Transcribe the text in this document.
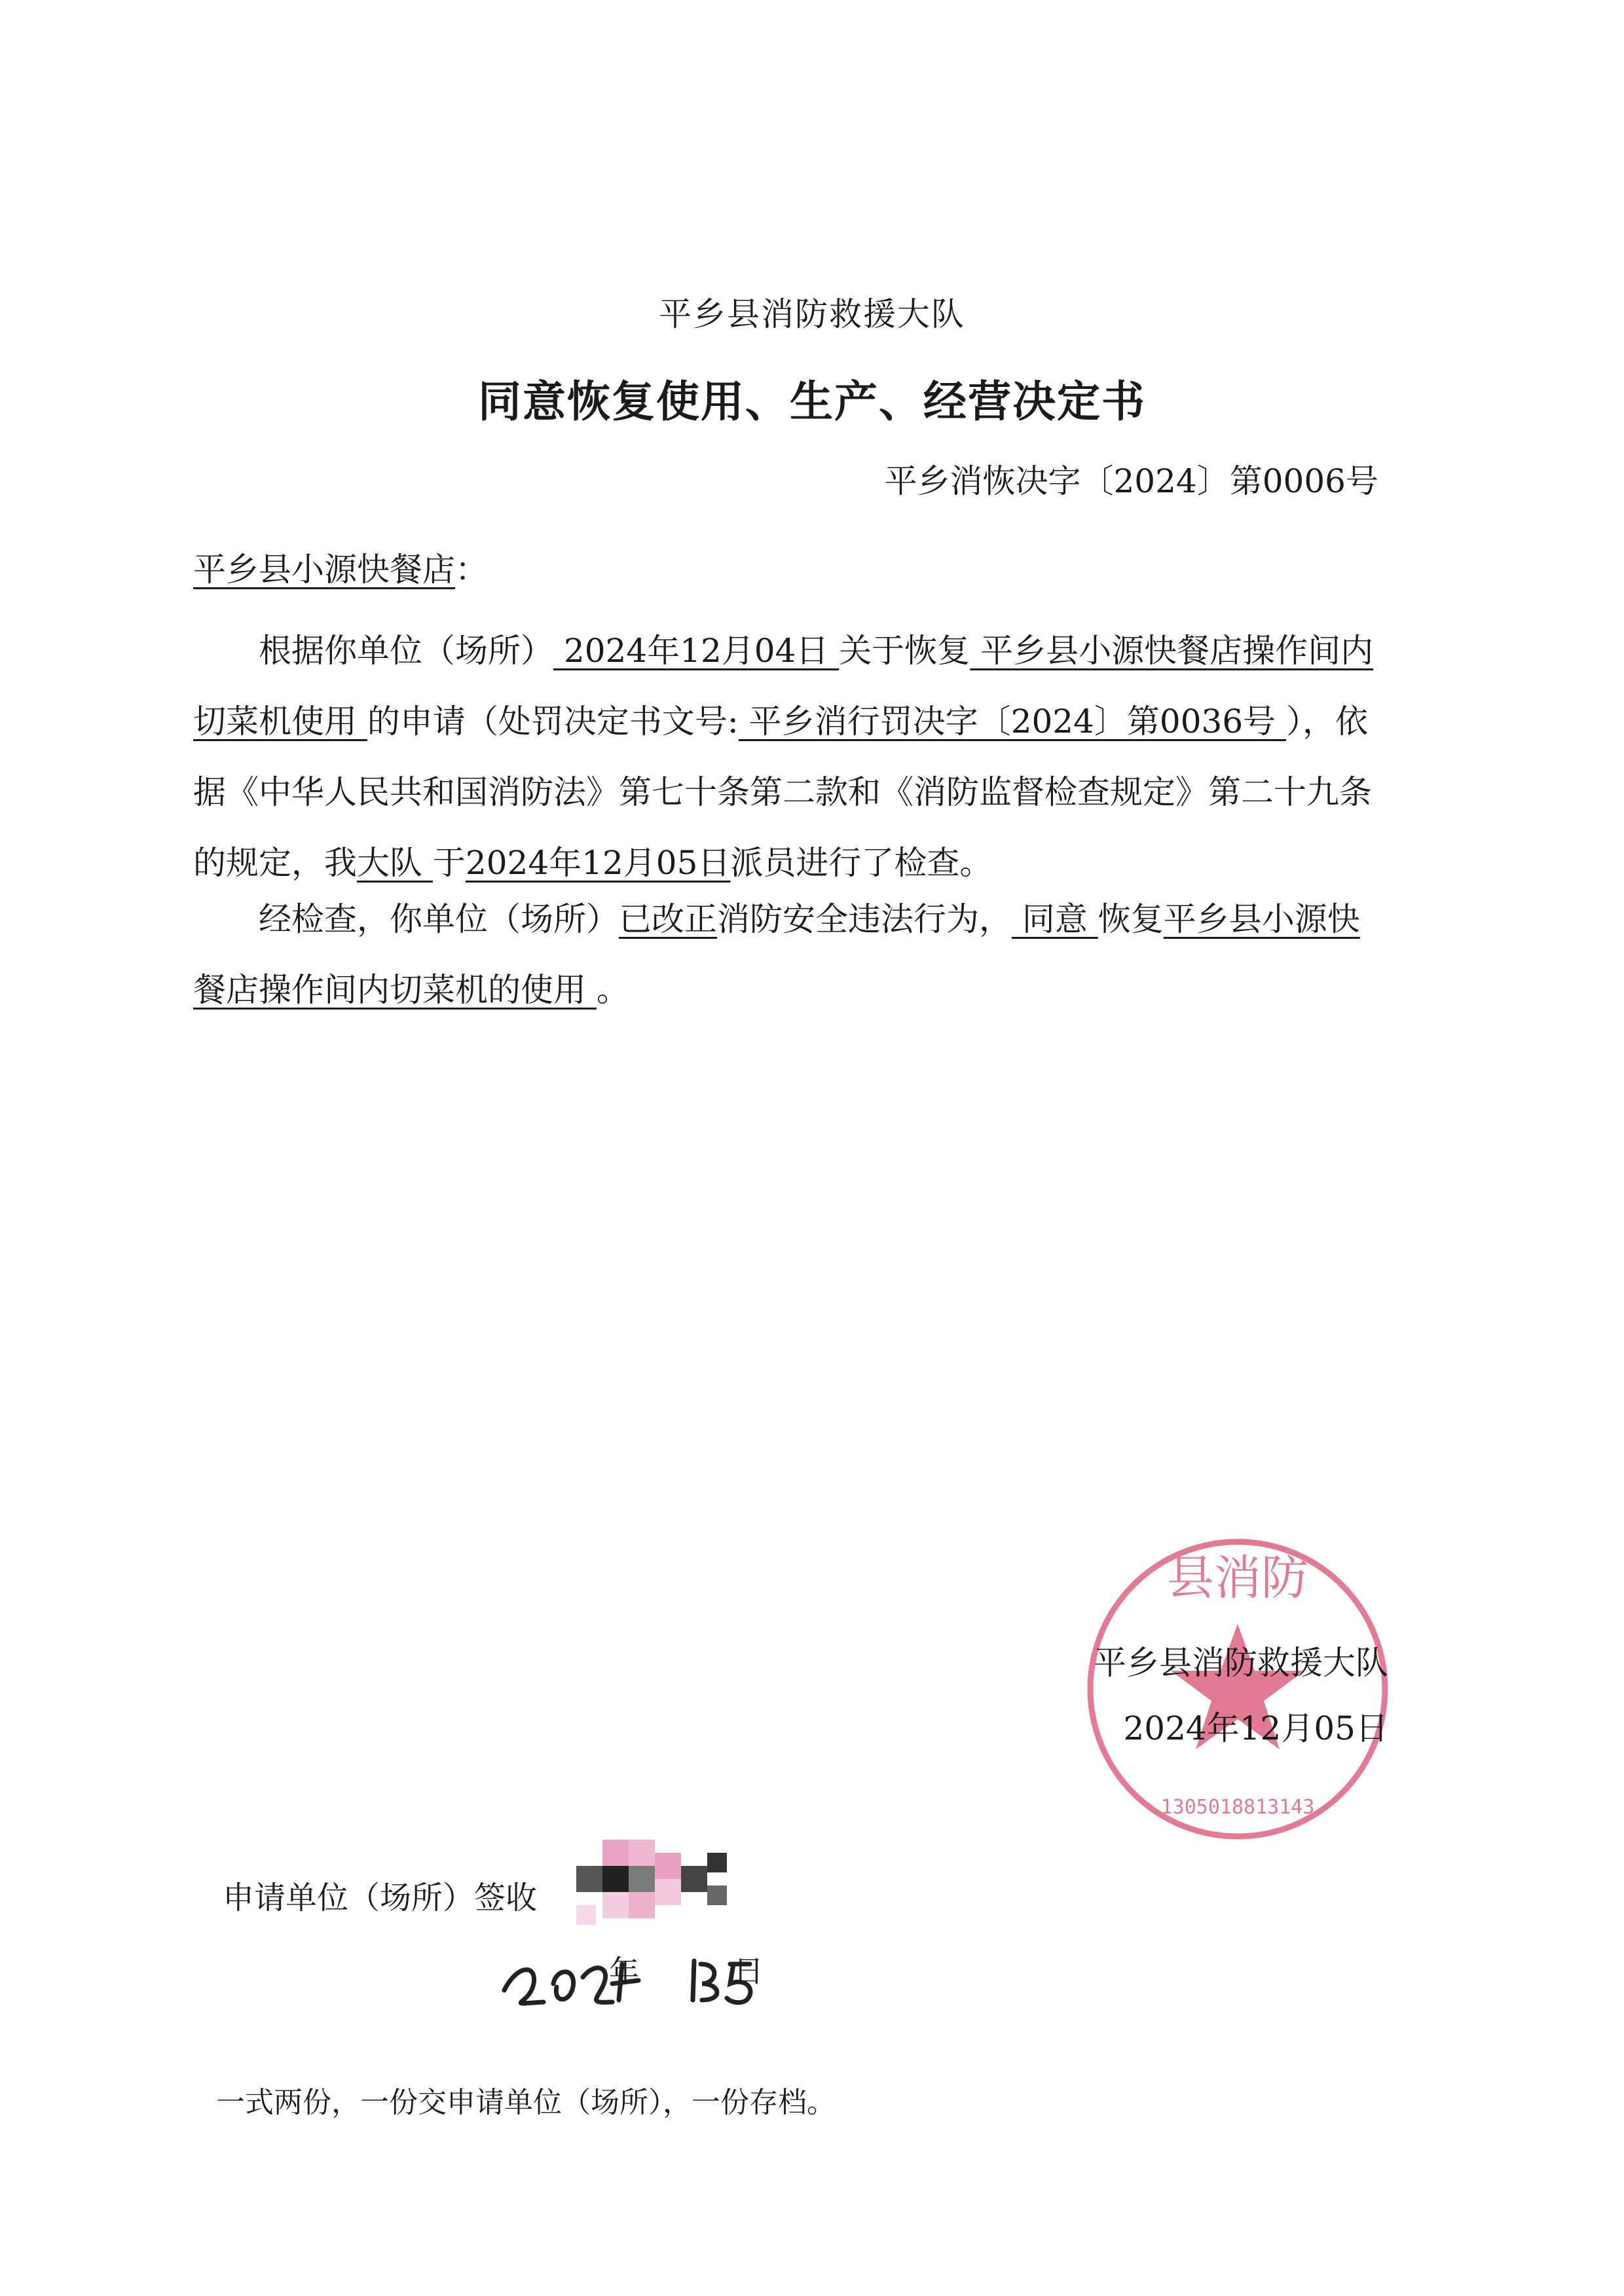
平乡县消防救援大队
同意恢复使用、生产、经营决定书
平乡消恢决字〔2024〕第0006号
平乡县小源快餐店：
根据你单位（场所） 2024年12月04日 关于恢复 平乡县小源快餐店操作间内切菜机使用 的申请（处罚决定书文号: 平乡消行罚决字〔2024〕第0036号 ），依据《中华人民共和国消防法》第七十条第二款和《消防监督检查规定》第二十九条的规定，我大队 于2024年12月05日派员进行了检查。
经检查，你单位（场所）已改正消防安全违法行为， 同意 恢复平乡县小源快餐店操作间内切菜机的使用 。
县消防
1305018813143
平乡县消防救援大队
2024年12月05日
申请单位（场所）签收
年	日
一式两份，一份交申请单位（场所），一份存档。
